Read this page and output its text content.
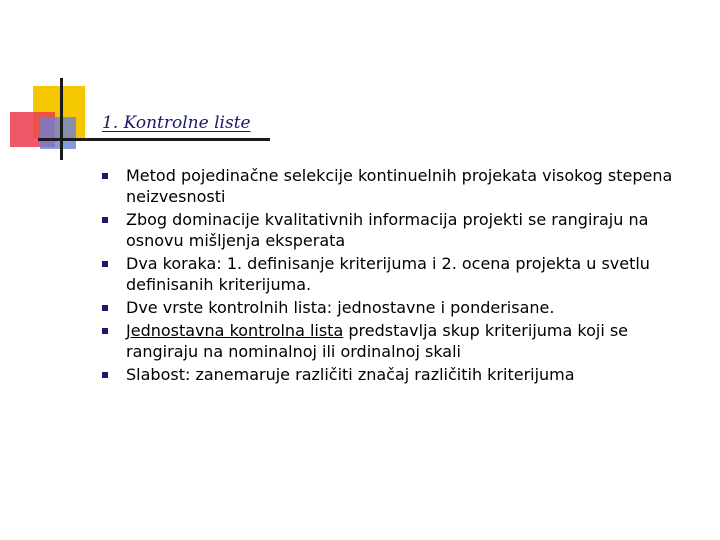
1. Kontrolne liste
Metod pojedinačne selekcije kontinuelnih projekata visokog stepena neizvesnosti
Zbog dominacije kvalitativnih informacija projekti se rangiraju na osnovu mišljenja eksperata
Dva koraka: 1. definisanje kriterijuma i 2. ocena projekta u svetlu definisanih kriterijuma.
Dve vrste kontrolnih lista: jednostavne i ponderisane.
Jednostavna kontrolna lista predstavlja skup kriterijuma koji se rangiraju na nominalnoj ili ordinalnoj skali
Slabost: zanemaruje različiti značaj različitih kriterijuma
